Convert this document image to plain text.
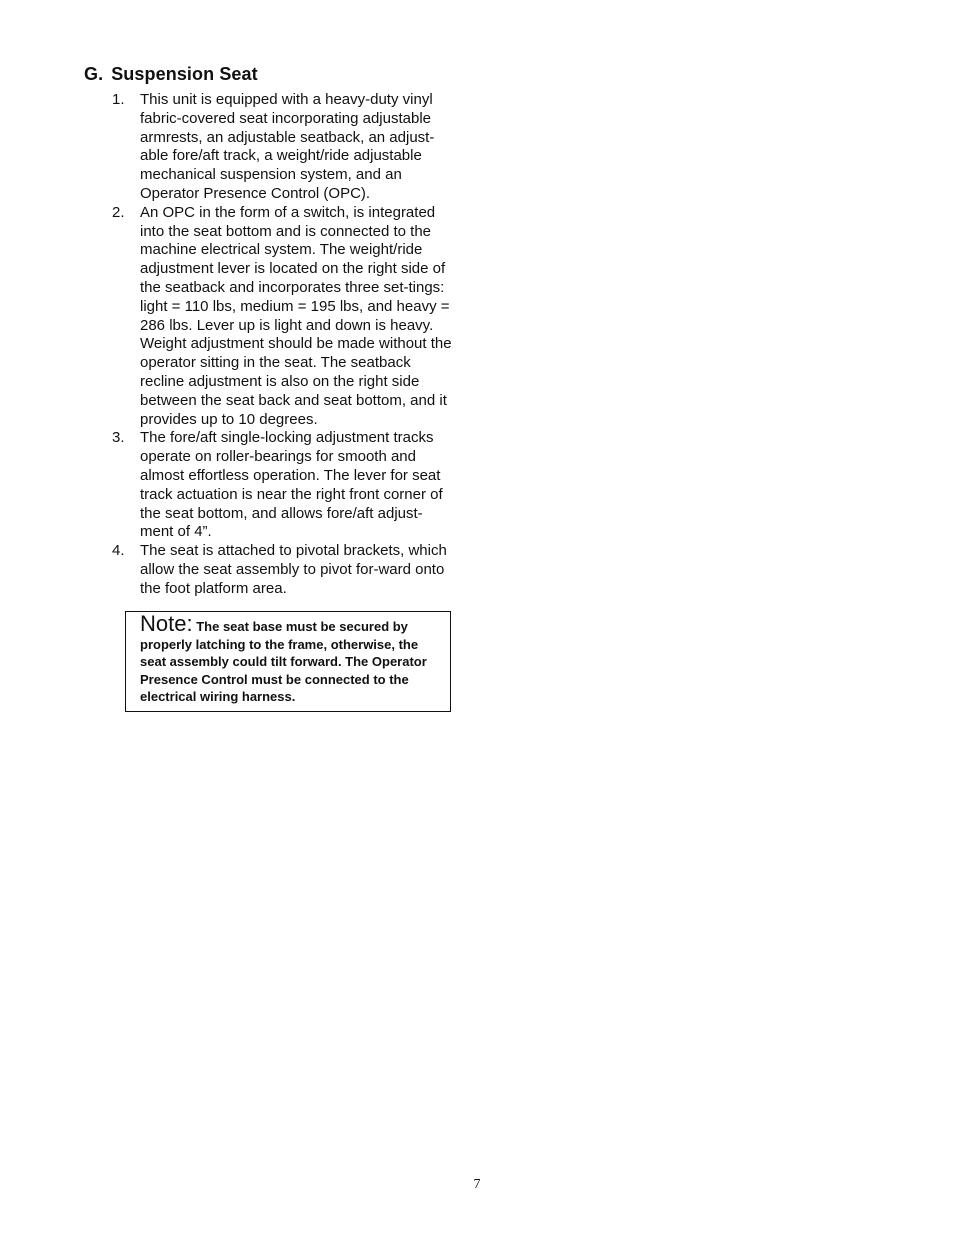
G. Suspension Seat
1. This unit is equipped with a heavy-duty vinyl fabric-covered seat incorporating adjustable armrests, an adjustable seatback, an adjust-able fore/aft track, a weight/ride adjustable mechanical suspension system, and an Operator Presence Control (OPC).
2. An OPC in the form of a switch, is integrated into the seat bottom and is connected to the machine electrical system. The weight/ride adjustment lever is located on the right side of the seatback and incorporates three set-tings: light = 110 lbs, medium = 195 lbs, and heavy = 286 lbs. Lever up is light and down is heavy. Weight adjustment should be made without the operator sitting in the seat. The seatback recline adjustment is also on the right side between the seat back and seat bottom, and it provides up to 10 degrees.
3. The fore/aft single-locking adjustment tracks operate on roller-bearings for smooth and almost effortless operation. The lever for seat track actuation is near the right front corner of the seat bottom, and allows fore/aft adjust-ment of 4”.
4. The seat is attached to pivotal brackets, which allow the seat assembly to pivot for-ward onto the foot platform area.
Note: The seat base must be secured by properly latching to the frame, otherwise, the seat assembly could tilt forward. The Operator Presence Control must be connected to the electrical wiring harness.
7
